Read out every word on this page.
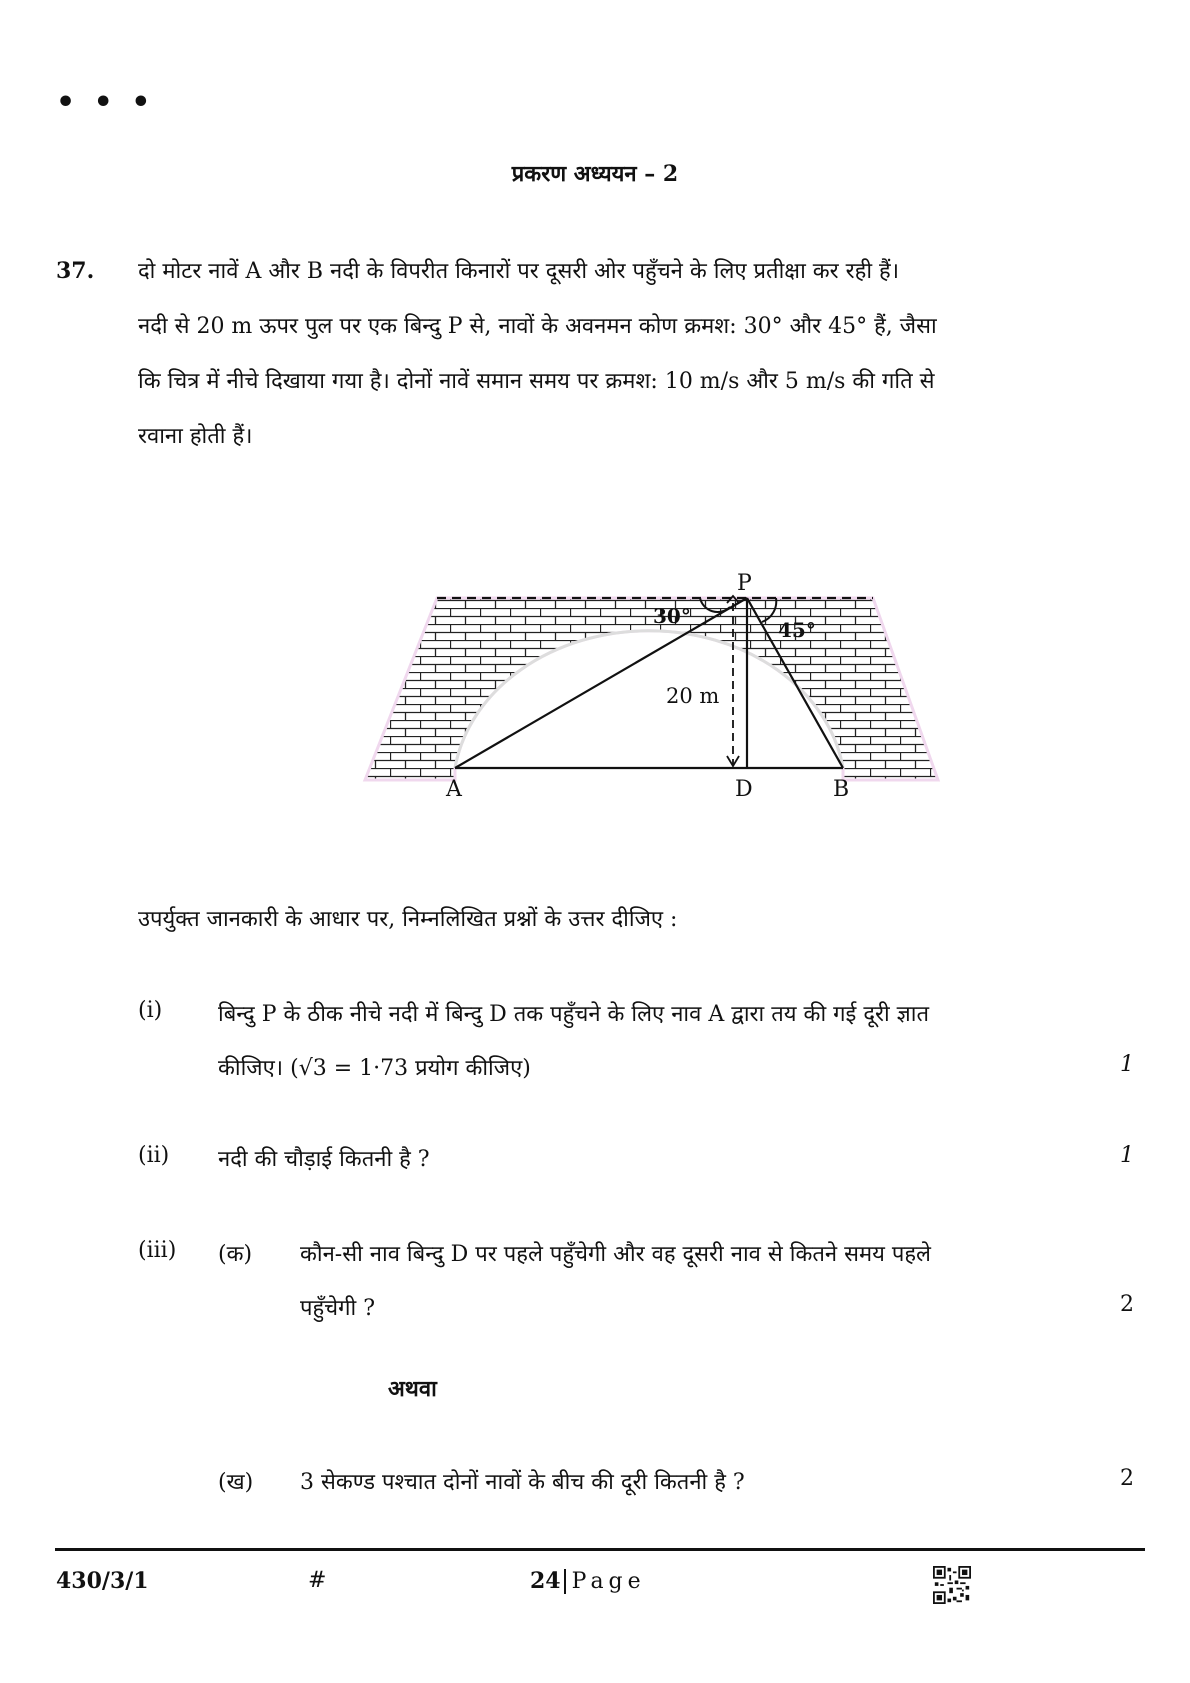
• • •
प्रकरण अध्ययन – 2
37. दो मोटर नावें A और B नदी के विपरीत किनारों पर दूसरी ओर पहुँचने के लिए प्रतीक्षा कर रही हैं।
नदी से 20 m ऊपर पुल पर एक बिन्दु P से, नावों के अवनमन कोण क्रमश: 30° और 45° हैं, जैसा
कि चित्र में नीचे दिखाया गया है। दोनों नावें समान समय पर क्रमश: 10 m/s और 5 m/s की गति से
रवाना होती हैं।
P
A	D	B
20 m
30°
45°
उपर्युक्त जानकारी के आधार पर, निम्नलिखित प्रश्नों के उत्तर दीजिए :
(i)	बिन्दु P के ठीक नीचे नदी में बिन्दु D तक पहुँचने के लिए नाव A द्वारा तय की गई दूरी ज्ञात
कीजिए। (√3 = 1·73 प्रयोग कीजिए)	1
(ii) नदी की चौड़ाई कितनी है ?	1
(iii) (क) कौन-सी नाव बिन्दु D पर पहले पहुँचेगी और वह दूसरी नाव से कितने समय पहले
पहुँचेगी ?	2
अथवा
(ख) 3 सेकण्ड पश्चात दोनों नावों के बीच की दूरी कितनी है ?	2
430/3/1	#	24 Page
